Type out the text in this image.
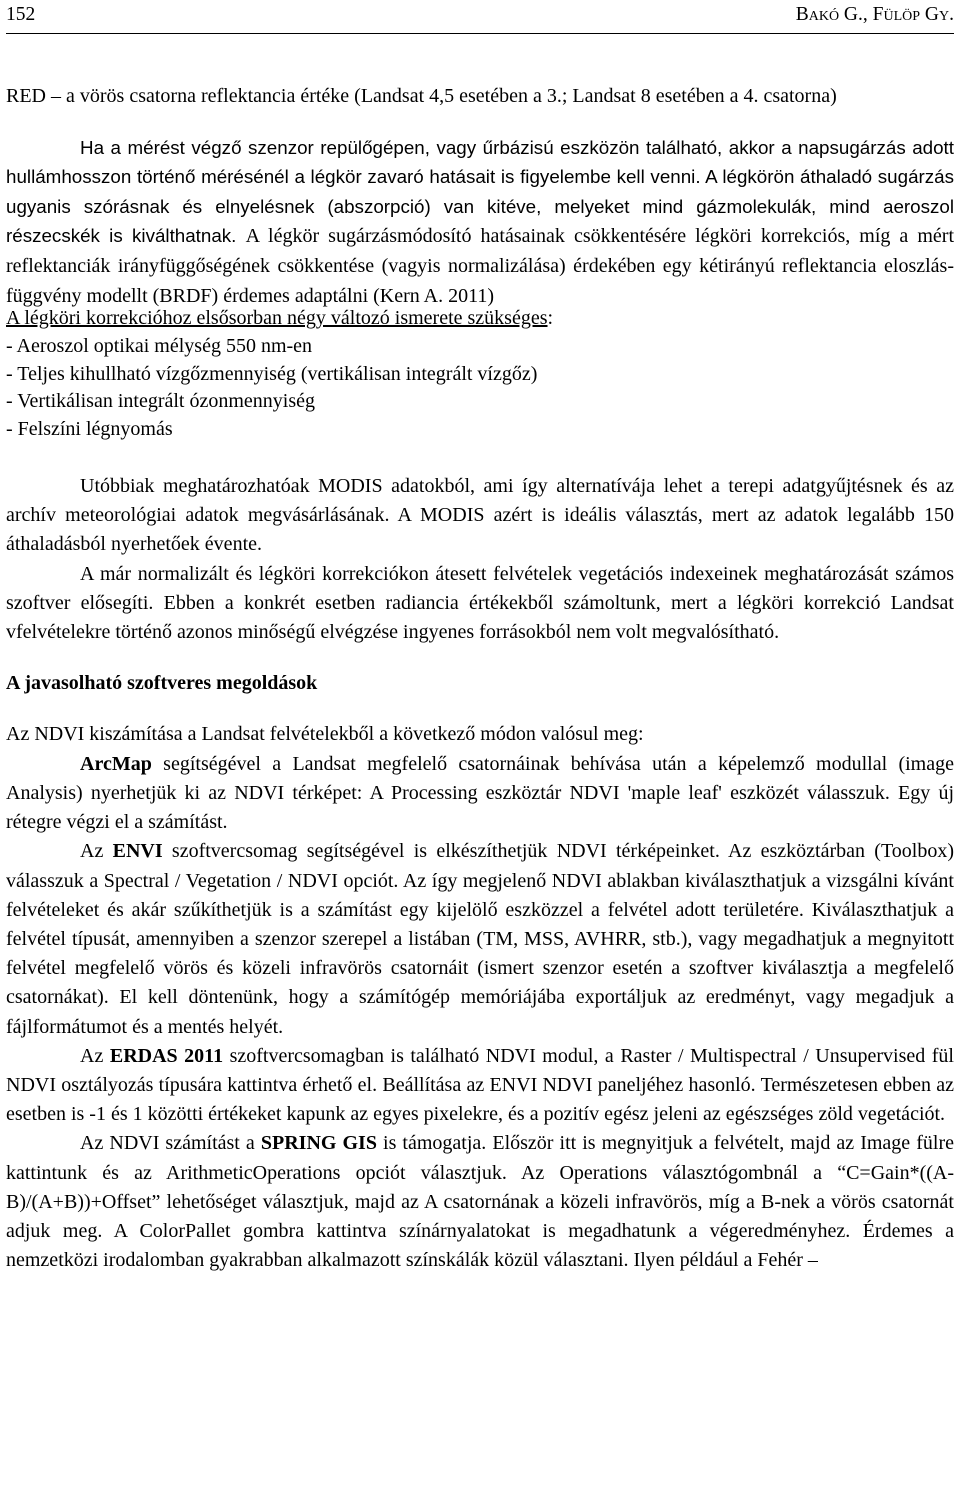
152	Bakó G., Fülöp Gy.

RED – a vörös csatorna reflektancia értéke (Landsat 4,5 esetében a 3.; Landsat 8 esetében a 4. csatorna)

Ha a mérést végző szenzor repülőgépen, vagy űrbázisú eszközön található, akkor a napsugárzás adott hullámhosszon történő mérésénél a légkör zavaró hatásait is figyelembe kell venni. A légkörön áthaladó sugárzás ugyanis szórásnak és elnyelésnek (abszorpció) van kitéve, melyeket mind gázmolekulák, mind aeroszol részecskék is kiválthatnak. A légkör sugárzásmódosító hatásainak csökkentésére légköri korrekciós, míg a mért reflektanciák irányfüggőségének csökkentése (vagyis normalizálása) érdekében egy kétirányú reflektancia eloszlás-függvény modellt (BRDF) érdemes adaptálni (Kern A. 2011)

A légköri korrekcióhoz elsősorban négy változó ismerete szükséges:

- Aeroszol optikai mélység 550 nm-en
- Teljes kihullható vízgőzmennyiség (vertikálisan integrált vízgőz)
- Vertikálisan integrált ózonmennyiség
- Felszíni légnyomás

Utóbbiak meghatározhatóak MODIS adatokból, ami így alternatívája lehet a terepi adatgyűjtésnek és az archív meteorológiai adatok megvásárlásának. A MODIS azért is ideális választás, mert az adatok legalább 150 áthaladásból nyerhetőek évente.

A már normalizált és légköri korrekciókon átesett felvételek vegetációs indexeinek meghatározását számos szoftver elősegíti. Ebben a konkrét esetben radiancia értékekből számoltunk, mert a légköri korrekció Landsat vfelvételekre történő azonos minőségű elvégzése ingyenes forrásokból nem volt megvalósítható.

A javasolható szoftveres megoldások

Az NDVI kiszámítása a Landsat felvételekből a következő módon valósul meg:

ArcMap segítségével a Landsat megfelelő csatornáinak behívása után a képelemző modullal (image Analysis) nyerhetjük ki az NDVI térképet: A Processing eszköztár NDVI 'maple leaf' eszközét válasszuk. Egy új rétegre végzi el a számítást.

Az ENVI szoftvercsomag segítségével is elkészíthetjük NDVI térképeinket. Az eszköztárban (Toolbox) válasszuk a Spectral / Vegetation / NDVI opciót. Az így megjelenő NDVI ablakban kiválaszthatjuk a vizsgálni kívánt felvételeket és akár szűkíthetjük is a számítást egy kijelölő eszközzel a felvétel adott területére. Kiválaszthatjuk a felvétel típusát, amennyiben a szenzor szerepel a listában (TM, MSS, AVHRR, stb.), vagy megadhatjuk a megnyitott felvétel megfelelő vörös és közeli infravörös csatornáit (ismert szenzor esetén a szoftver kiválasztja a megfelelő csatornákat). El kell döntenünk, hogy a számítógép memóriájába exportáljuk az eredményt, vagy megadjuk a fájlformátumot és a mentés helyét.

Az ERDAS 2011 szoftvercsomagban is található NDVI modul, a Raster / Multispectral / Unsupervised fül NDVI osztályozás típusára kattintva érhető el. Beállítása az ENVI NDVI paneljéhez hasonló. Természetesen ebben az esetben is -1 és 1 közötti értékeket kapunk az egyes pixelekre, és a pozitív egész jeleni az egészséges zöld vegetációt.

Az NDVI számítást a SPRING GIS is támogatja. Először itt is megnyitjuk a felvételt, majd az Image fülre kattintunk és az ArithmeticOperations opciót választjuk. Az Operations választógombnál a “C=Gain*((A-B)/(A+B))+Offset” lehetőséget választjuk, majd az A csatornának a közeli infravörös, míg a B-nek a vörös csatornát adjuk meg. A ColorPallet gombra kattintva színárnyalatokat is megadhatunk a végeredményhez. Érdemes a nemzetközi irodalomban gyakrabban alkalmazott színskálák közül választani. Ilyen például a Fehér –
